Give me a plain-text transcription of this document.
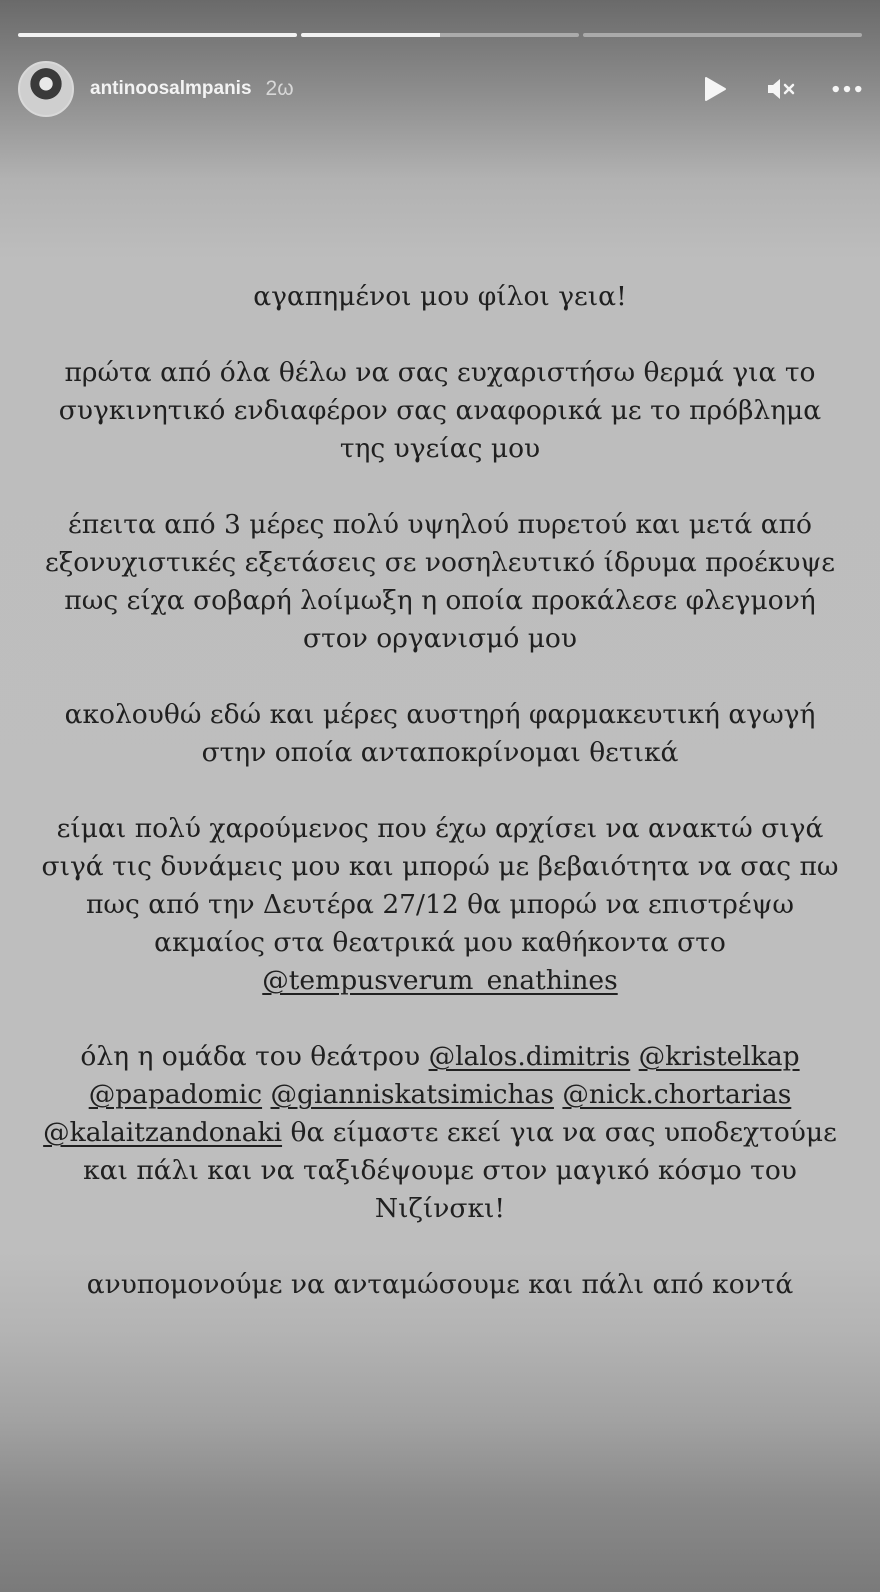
antinoosalmpanis 2ω

αγαπημένοι μου φίλοι γεια!

πρώτα από όλα θέλω να σας ευχαριστήσω θερμά για το συγκινητικό ενδιαφέρον σας αναφορικά με το πρόβλημα της υγείας μου

έπειτα από 3 μέρες πολύ υψηλού πυρετού και μετά από εξονυχιστικές εξετάσεις σε νοσηλευτικό ίδρυμα προέκυψε πως είχα σοβαρή λοίμωξη η οποία προκάλεσε φλεγμονή στον οργανισμό μου

ακολουθώ εδώ και μέρες αυστηρή φαρμακευτική αγωγή στην οποία ανταποκρίνομαι θετικά

είμαι πολύ χαρούμενος που έχω αρχίσει να ανακτώ σιγά σιγά τις δυνάμεις μου και μπορώ με βεβαιότητα να σας πω πως από την Δευτέρα 27/12 θα μπορώ να επιστρέψω ακμαίος στα θεατρικά μου καθήκοντα στο @tempusverum_enathines

όλη η ομάδα του θεάτρου @lalos.dimitris @kristelkap @papadomic @gianniskatsimichas @nick.chortarias @kalaitzandonaki θα είμαστε εκεί για να σας υποδεχτούμε και πάλι και να ταξιδέψουμε στον μαγικό κόσμο του Νιζίνσκι!

ανυπομονούμε να ανταμώσουμε και πάλι από κοντά
